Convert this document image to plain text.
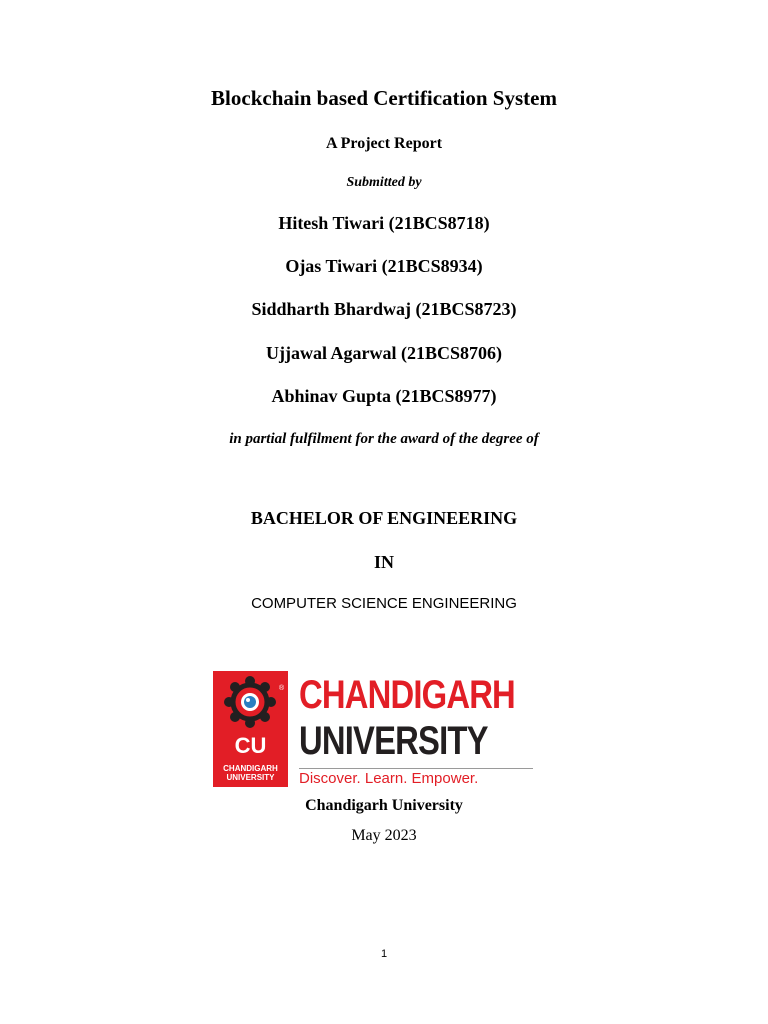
Blockchain based Certification System
A Project Report
Submitted by
Hitesh Tiwari (21BCS8718)
Ojas Tiwari (21BCS8934)
Siddharth Bhardwaj (21BCS8723)
Ujjawal Agarwal (21BCS8706)
Abhinav Gupta (21BCS8977)
in partial fulfilment for the award of the degree of
BACHELOR OF ENGINEERING
IN
COMPUTER SCIENCE ENGINEERING
®
CU
CHANDIGARH
UNIVERSITY
CHANDIGARH
UNIVERSITY
Discover. Learn. Empower.
Chandigarh University
May 2023
1
